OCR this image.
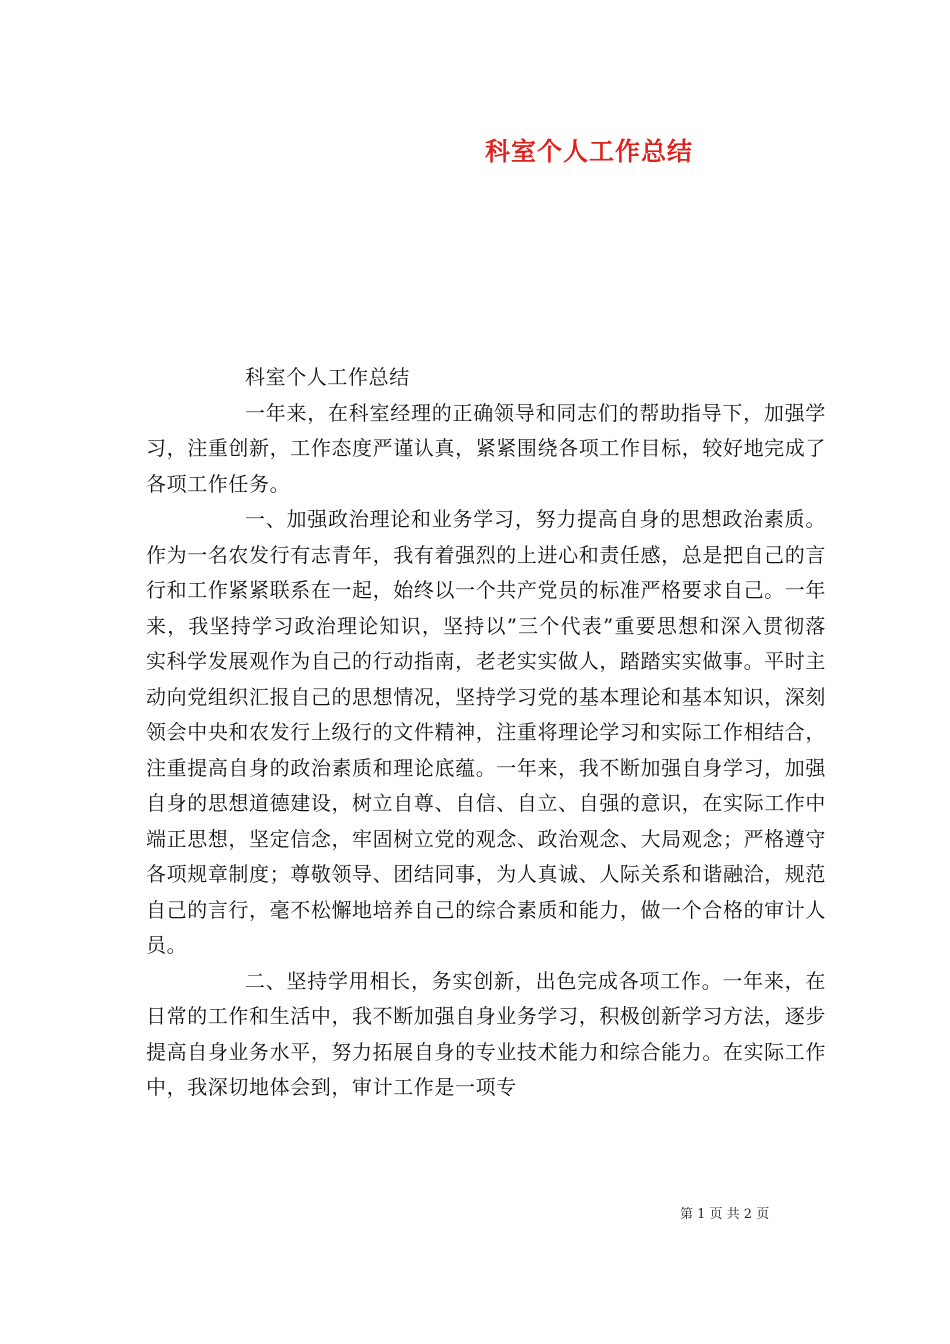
科室个人工作总结

科室个人工作总结

一年来，在科室经理的正确领导和同志们的帮助指导下，加强学习，注重创新，工作态度严谨认真，紧紧围绕各项工作目标，较好地完成了各项工作任务。

一、加强政治理论和业务学习，努力提高自身的思想政治素质。作为一名农发行有志青年，我有着强烈的上进心和责任感，总是把自己的言行和工作紧紧联系在一起，始终以一个共产党员的标准严格要求自己。一年来，我坚持学习政治理论知识，坚持以”三个代表”重要思想和深入贯彻落实科学发展观作为自己的行动指南，老老实实做人，踏踏实实做事。平时主动向党组织汇报自己的思想情况，坚持学习党的基本理论和基本知识，深刻领会中央和农发行上级行的文件精神，注重将理论学习和实际工作相结合，注重提高自身的政治素质和理论底蕴。一年来，我不断加强自身学习，加强自身的思想道德建设，树立自尊、自信、自立、自强的意识，在实际工作中端正思想，坚定信念，牢固树立党的观念、政治观念、大局观念；严格遵守各项规章制度；尊敬领导、团结同事，为人真诚、人际关系和谐融洽，规范自己的言行，毫不松懈地培养自己的综合素质和能力，做一个合格的审计人员。

二、坚持学用相长，务实创新，出色完成各项工作。一年来，在日常的工作和生活中，我不断加强自身业务学习，积极创新学习方法，逐步提高自身业务水平，努力拓展自身的专业技术能力和综合能力。在实际工作中，我深切地体会到，审计工作是一项专

第 1 页 共 2 页
